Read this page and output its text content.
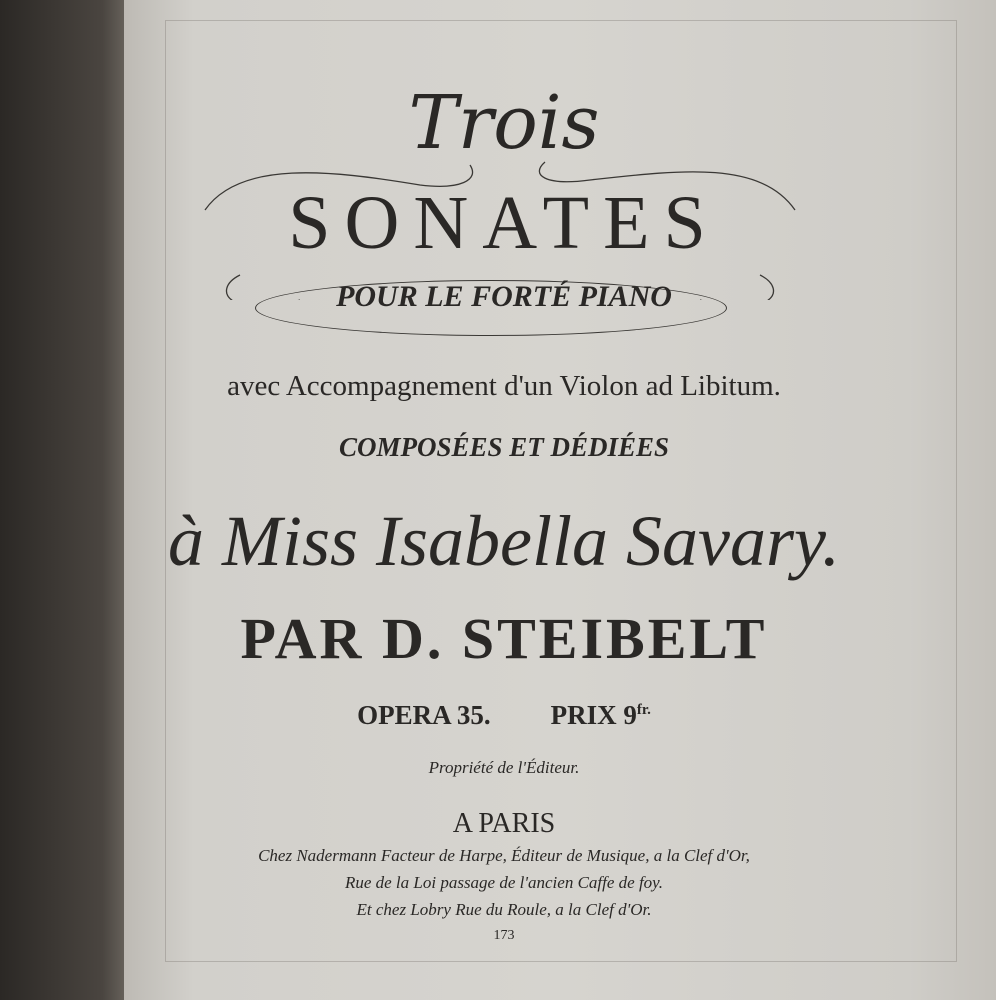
Trois
SONATES
POUR LE FORTÉ PIANO
avec Accompagnement d'un Violon ad Libitum.
COMPOSÉES ET DÉDIÉES
à Miss Isabella Savary.
PAR D. STEIBELT
OPERA 35. PRIX $9^{fr.}$
Propriété de l'Éditeur.
A PARIS
Chez Nadermann Facteur de Harpe, Éditeur de Musique, a la Clef d'Or,
Rue de la Loi passage de l'ancien Caffe de foy.
Et chez Lobry Rue du Roule, a la Clef d'Or.
173
